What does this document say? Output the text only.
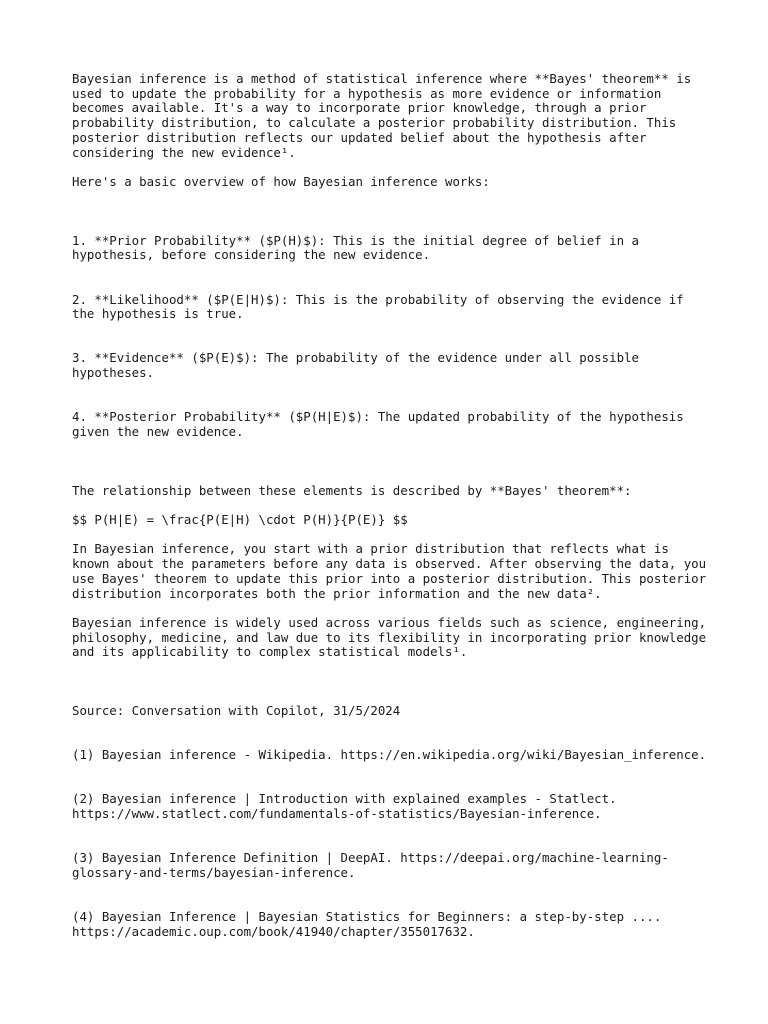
Bayesian inference is a method of statistical inference where **Bayes' theorem** is used to update the probability for a hypothesis as more evidence or information becomes available. It's a way to incorporate prior knowledge, through a prior probability distribution, to calculate a posterior probability distribution. This posterior distribution reflects our updated belief about the hypothesis after considering the new evidence¹.

Here's a basic overview of how Bayesian inference works:

1. **Prior Probability** ($P(H)$): This is the initial degree of belief in a hypothesis, before considering the new evidence.

2. **Likelihood** ($P(E|H)$): This is the probability of observing the evidence if the hypothesis is true.

3. **Evidence** ($P(E)$): The probability of the evidence under all possible hypotheses.

4. **Posterior Probability** ($P(H|E)$): The updated probability of the hypothesis given the new evidence.

The relationship between these elements is described by **Bayes' theorem**:

$$ P(H|E) = \frac{P(E|H) \cdot P(H)}{P(E)} $$

In Bayesian inference, you start with a prior distribution that reflects what is known about the parameters before any data is observed. After observing the data, you use Bayes' theorem to update this prior into a posterior distribution. This posterior distribution incorporates both the prior information and the new data².

Bayesian inference is widely used across various fields such as science, engineering, philosophy, medicine, and law due to its flexibility in incorporating prior knowledge and its applicability to complex statistical models¹.

Source: Conversation with Copilot, 31/5/2024

(1) Bayesian inference - Wikipedia. https://en.wikipedia.org/wiki/Bayesian_inference.

(2) Bayesian inference | Introduction with explained examples - Statlect. https://www.statlect.com/fundamentals-of-statistics/Bayesian-inference.

(3) Bayesian Inference Definition | DeepAI. https://deepai.org/machine-learning-glossary-and-terms/bayesian-inference.

(4) Bayesian Inference | Bayesian Statistics for Beginners: a step-by-step .... https://academic.oup.com/book/41940/chapter/355017632.
